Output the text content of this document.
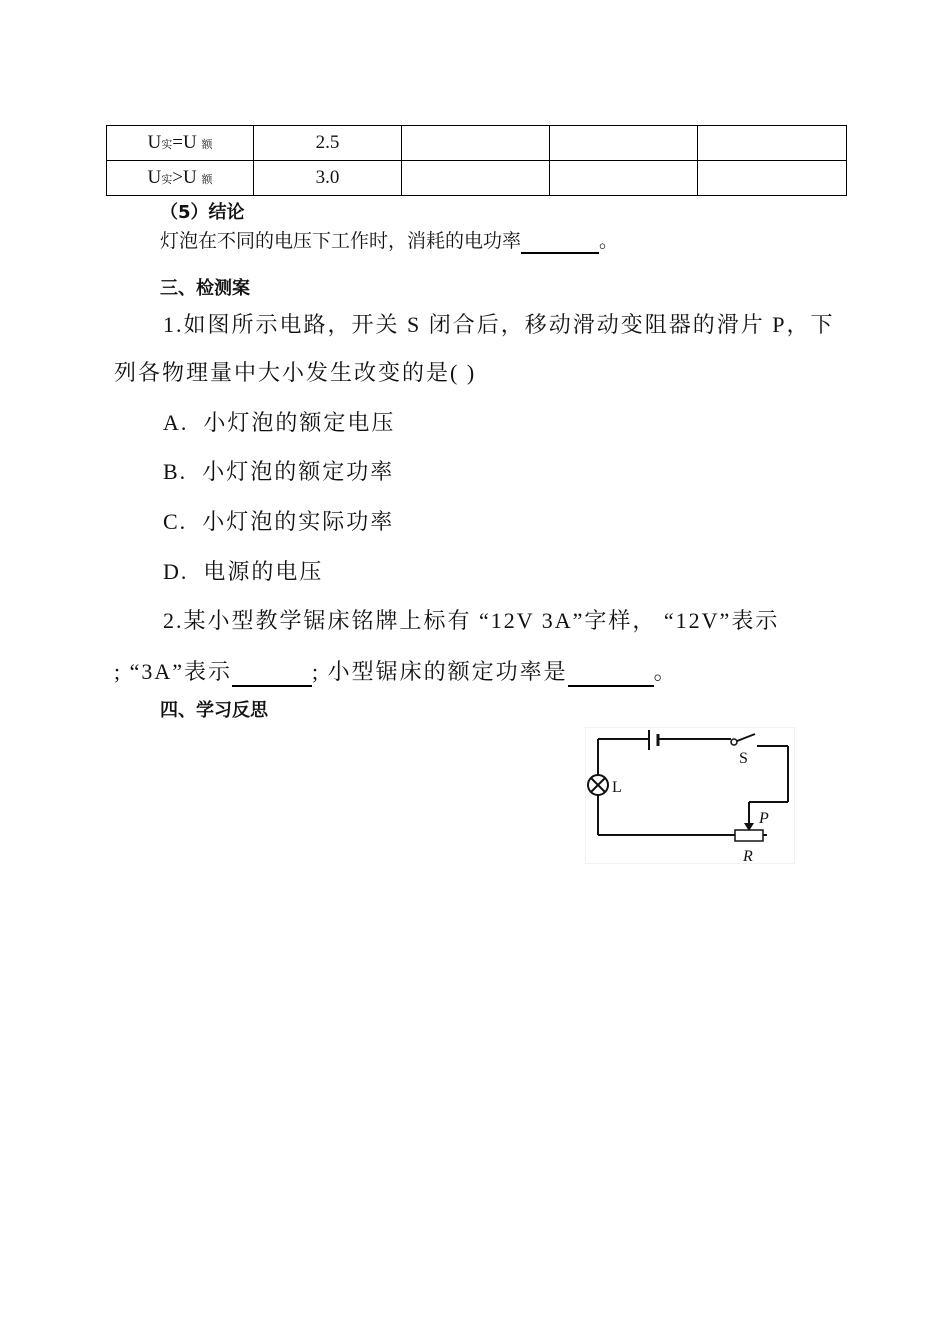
U实=U 额	2.5			
U实>U 额	3.0			
（5）结论
灯泡在不同的电压下工作时，消耗的电功率	。
三、检测案
1.如图所示电路，开关 S 闭合后，移动滑动变阻器的滑片 P，下
列各物理量中大小发生改变的是( )
A. 小灯泡的额定电压
B. 小灯泡的额定功率
C. 小灯泡的实际功率
D. 电源的电压
2.某小型教学锯床铭牌上标有 “12V 3A”字样， “12V”表示
; “3A”表示	; 小型锯床的额定功率是	。
四、学习反思
S
L
P
R
